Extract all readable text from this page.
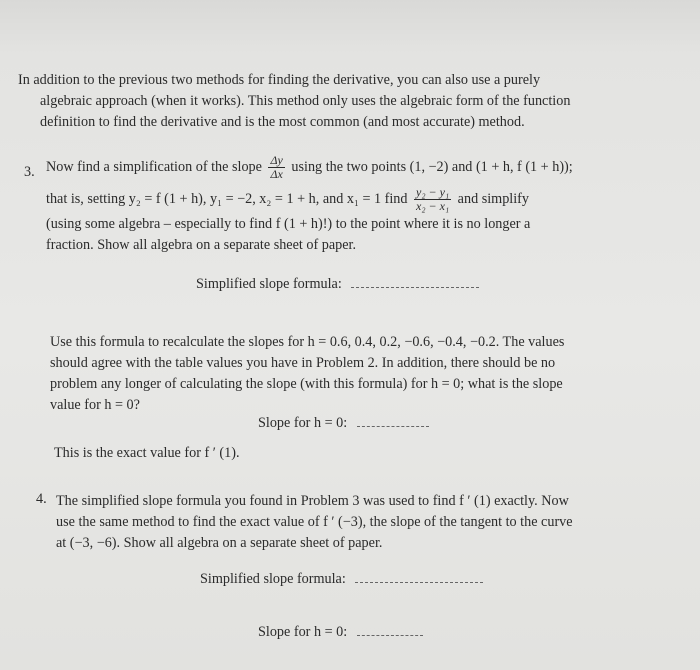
In addition to the previous two methods for finding the derivative, you can also use a purely
algebraic approach (when it works). This method only uses the algebraic form of the function
definition to find the derivative and is the most common (and most accurate) method.
3. Now find a simplification of the slope $\frac{\Delta y}{\Delta x}$ using the two points (1, −2) and (1 + h, f (1 + h));
that is, setting y₂ = f (1 + h), y₁ = −2, x₂ = 1 + h, and x₁ = 1 find $\frac{\text{y₂ − y₁}}{\text{x₂ − x₁}}$ and simplify
(using some algebra – especially to find f (1 + h)!) to the point where it is no longer a
fraction. Show all algebra on a separate sheet of paper.
Simplified slope formula:
Use this formula to recalculate the slopes for h = 0.6, 0.4, 0.2, −0.6, −0.4, −0.2. The values
should agree with the table values you have in Problem 2. In addition, there should be no
problem any longer of calculating the slope (with this formula) for h = 0; what is the slope
value for h = 0?
Slope for h = 0:
This is the exact value for f ′ (1).
4. The simplified slope formula you found in Problem 3 was used to find f ′ (1) exactly. Now
use the same method to find the exact value of f ′ (−3), the slope of the tangent to the curve
at (−3, −6). Show all algebra on a separate sheet of paper.
Simplified slope formula:
Slope for h = 0:
